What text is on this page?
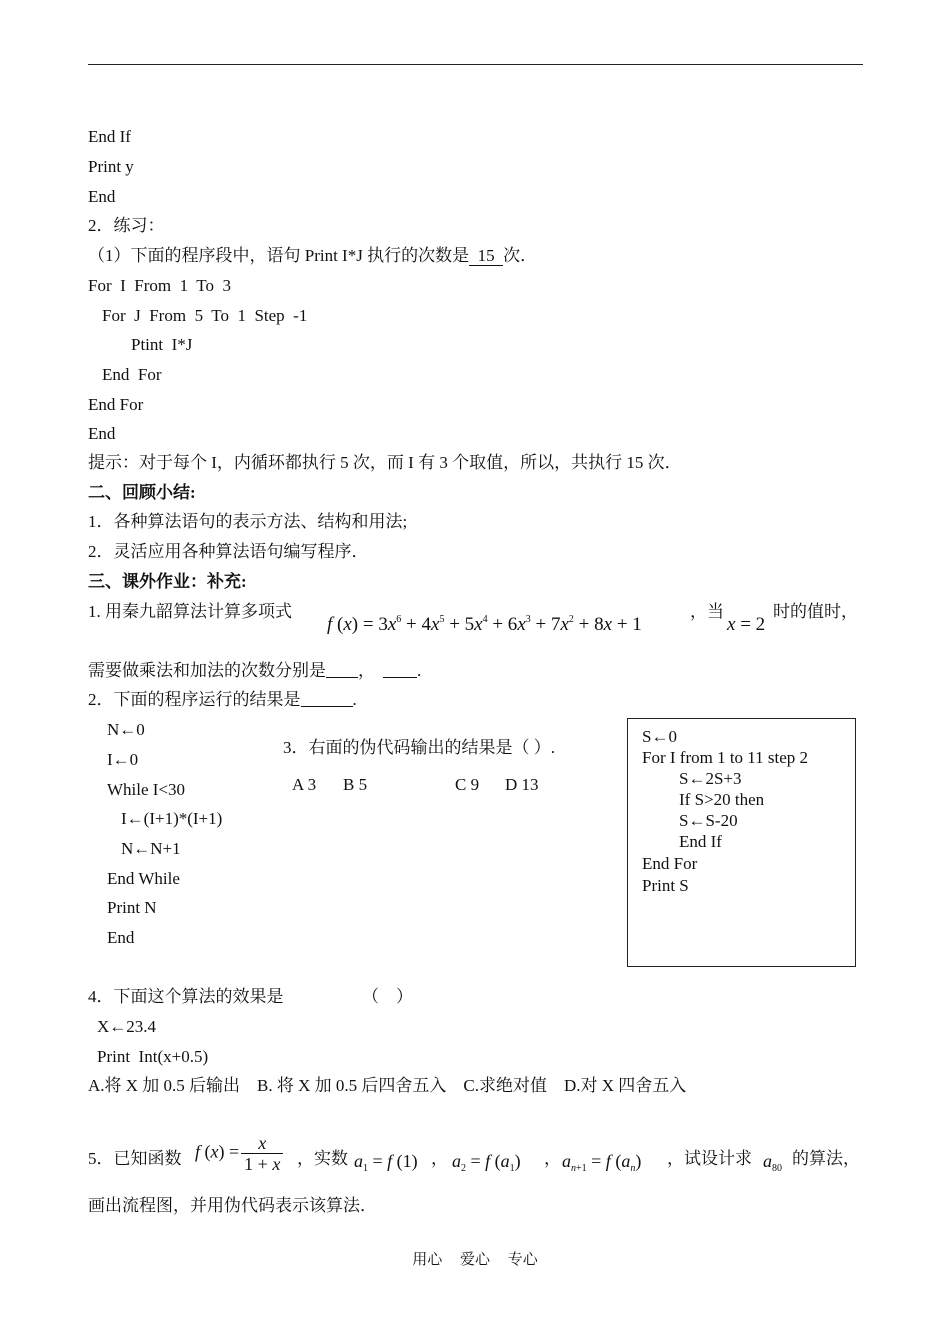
End If
Print y
End
2．练习：
（1）下面的程序段中，语句 Print I*J 执行的次数是  15  次．
For  I  From  1  To  3
For  J  From  5  To  1  Step  -1
Ptint  I*J
End  For
End For
End
提示：对于每个 I，内循环都执行 5 次，而 I 有 3 个取值，所以，共执行 15 次．
二、回顾小结:
1．各种算法语句的表示方法、结构和用法;
2．灵活应用各种算法语句编写程序．
三、课外作业：补充:
1. 用秦九韶算法计算多项式
f $(x) = 3x^6 + 4x^5 + 5x^4 + 6x^3 + 7x^2 + 8x + 1$
，当
x = 2
时的值时，
需要做乘法和加法的次数分别是 ， .
2．下面的程序运行的结果是	.
N←0
I←0
While I<30
I←(I+1)*(I+1)
N←N+1
End While
Print N
End
3．右面的伪代码输出的结果是（ ）.
A 3 B 5	C 9 D 13
S←0
For I from 1 to 11 step 2
S←2S+3
If S>20 then
S←S-20
End If
End For
Print S
4．下面这个算法的效果是	（    ）
X←23.4
Print  Int(x+0.5)
A.将 X 加 0.5 后输出    B. 将 X 加 0.5 后四舍五入    C.求绝对值    D.对 X 四舍五入
5．已知函数 f $(x) = \frac{x}{1 + x}$ ，实数 $a_1 = f$ (1) ， $a_2 = f$ $(a_1)$ ， $a_{n+1} = f$ $(a_n)$ ，试设计求 $a_{80}$
的算法，
画出流程图，并用伪代码表示该算法．
用心 爱心 专心
